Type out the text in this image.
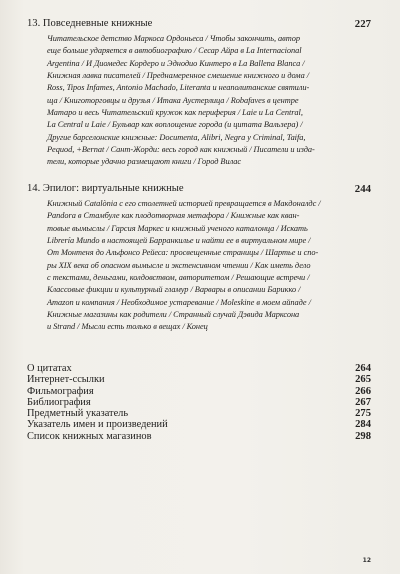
13. Повседневные книжные	227
Читательское детство Маркоса Ордоньеса / Чтобы закончить, автор
еще больше ударяется в автобиографию / Сесар Айра в La Internacional
Argentina / И Диомедес Кордеро и Эднодио Кинтеро в La Ballena Blanca /
Книжная лавка писателей / Преднамеренное смешение книжного и дома /
Ross, Tipos Infames, Antonio Machado, Literanta и неаполитанские святили-
ща / Книготорговцы и друзья / Итака Аустерлица / Robafaves в центре
Матаро и весь Читательский кружок как периферия / Laie и La Central,
La Central и Laie / Бульвар как воплощение города (и цитата Вальзера) /
Другие барселонские книжные: Documenta, Alibri, Negra y Criminal, Taifa,
Pequod, +Bernat / Сант-Жорди: весь город как книжный / Писатели и изда-
тели, которые удачно размещают книги / Город Вилас
14. Эпилог: виртуальные книжные	244
Книжный Catalònia с его столетней историей превращается в Макдоналдс /
Pandora в Стамбуле как плодотворная метафора / Книжные как кван-
товые вымыслы / Гарсия Маркес и книжный ученого каталонца / Искать
Librería Mundo в настоящей Барранкилье и найти ее в виртуальном мире /
От Монтеня до Альфонсо Рейеса: просвещенные страницы / Шартье и спо-
ры XIX века об опасном вымысле и экстенсивном чтении / Как иметь дело
с текстами, деньгами, колдовством, авторитетом / Решающие встречи /
Классовые фикции и культурный гламур / Варвары в описании Барикко /
Amazon и компания / Необходимое устаревание / Moleskine в моем айпаде /
Книжные магазины как родители / Странный случай Дэвида Марксона
и Strand / Мысли есть только в вещах / Конец
О цитатах	264
Интернет-ссылки	265
Фильмография	266
Библиография	267
Предметный указатель	275
Указатель имен и произведений	284
Список книжных магазинов	298
12
